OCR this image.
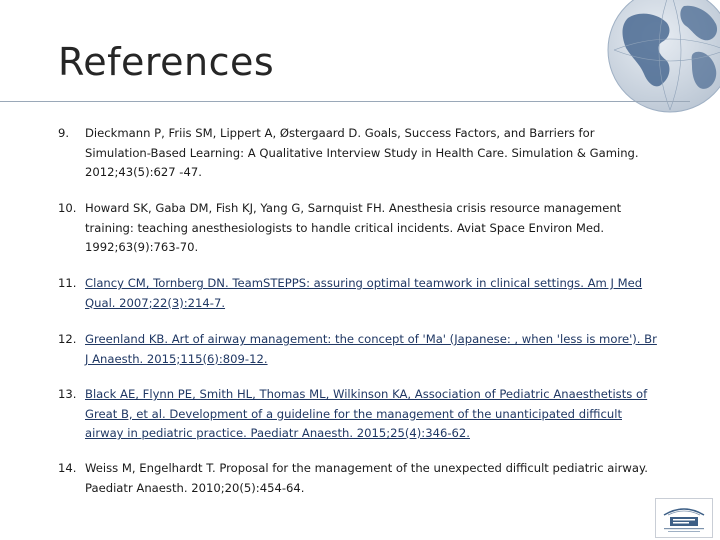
References
9. Dieckmann P, Friis SM, Lippert A, Østergaard D. Goals, Success Factors, and Barriers for Simulation-Based Learning: A Qualitative Interview Study in Health Care. Simulation & Gaming. 2012;43(5):627 -47.
10. Howard SK, Gaba DM, Fish KJ, Yang G, Sarnquist FH. Anesthesia crisis resource management training: teaching anesthesiologists to handle critical incidents. Aviat Space Environ Med. 1992;63(9):763-70.
11. Clancy CM, Tornberg DN. TeamSTEPPS: assuring optimal teamwork in clinical settings. Am J Med Qual. 2007;22(3):214-7.
12. Greenland KB. Art of airway management: the concept of 'Ma' (Japanese: , when 'less is more'). Br J Anaesth. 2015;115(6):809-12.
13. Black AE, Flynn PE, Smith HL, Thomas ML, Wilkinson KA, Association of Pediatric Anaesthetists of Great B, et al. Development of a guideline for the management of the unanticipated difficult airway in pediatric practice. Paediatr Anaesth. 2015;25(4):346-62.
14. Weiss M, Engelhardt T. Proposal for the management of the unexpected difficult pediatric airway. Paediatr Anaesth. 2010;20(5):454-64.
